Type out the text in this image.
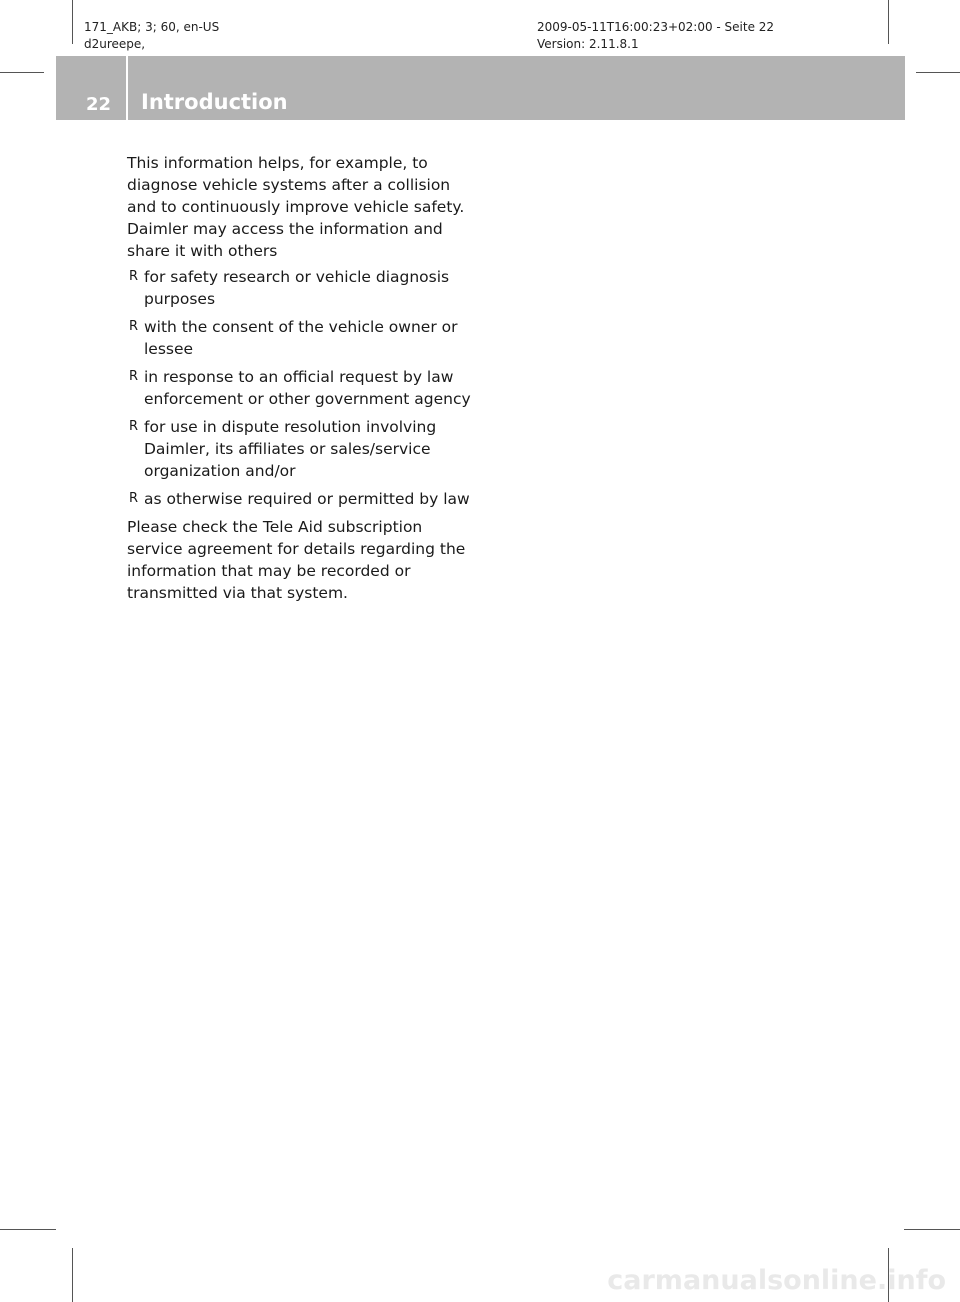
171_AKB; 3; 60, en-US
d2ureepe,
2009-05-11T16:00:23+02:00 - Seite 22
Version: 2.11.8.1
22 Introduction

This information helps, for example, to diagnose vehicle systems after a collision and to continuously improve vehicle safety. Daimler may access the information and share it with others

R for safety research or vehicle diagnosis purposes
R with the consent of the vehicle owner or lessee
R in response to an official request by law enforcement or other government agency
R for use in dispute resolution involving Daimler, its affiliates or sales/service organization and/or
R as otherwise required or permitted by law

Please check the Tele Aid subscription service agreement for details regarding the information that may be recorded or transmitted via that system.

carmanualsonline.info
